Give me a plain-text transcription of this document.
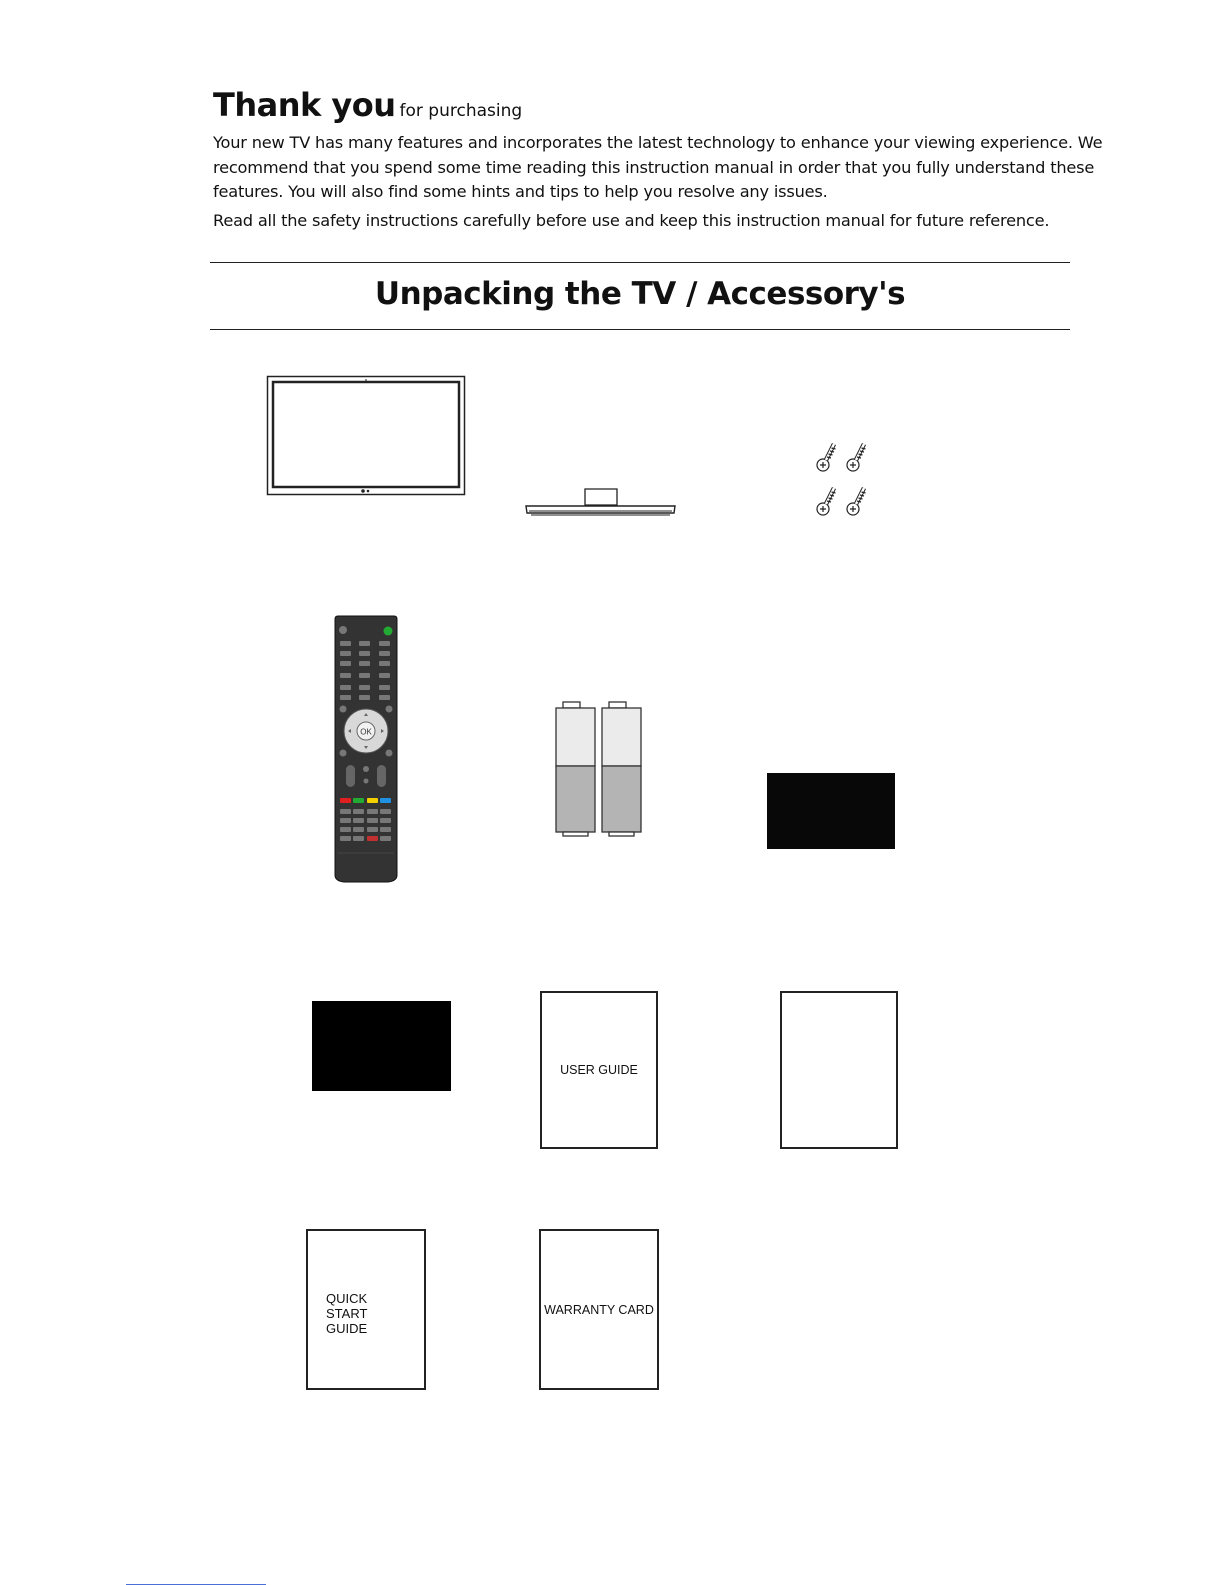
Thank you for purchasing

Your new TV has many features and incorporates the latest technology to enhance your viewing experience. We recommend that you spend some time reading this instruction manual in order that you fully understand these features. You will also find some hints and tips to help you resolve any issues.

Read all the safety instructions carefully before use and keep this instruction manual for future reference.

Unpacking the TV / Accessory's
OK
USER GUIDE
QUICK START GUIDE
WARRANTY CARD
